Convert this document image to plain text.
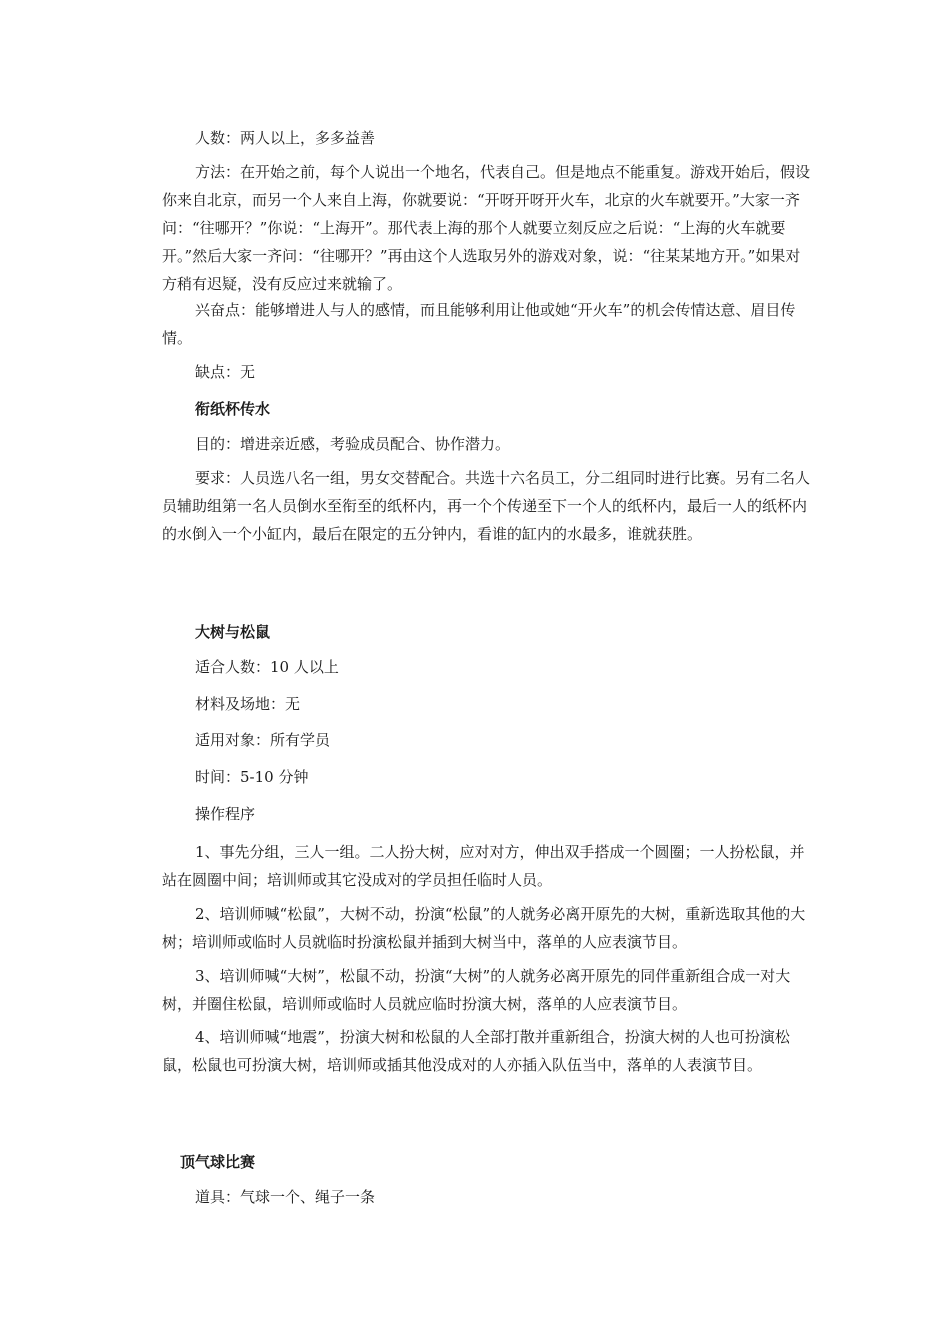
人数：两人以上，多多益善

方法：在开始之前，每个人说出一个地名，代表自己。但是地点不能重复。游戏开始后，假设你来自北京，而另一个人来自上海，你就要说：“开呀开呀开火车，北京的火车就要开。”大家一齐问：“往哪开？”你说：“上海开”。那代表上海的那个人就要立刻反应之后说：“上海的火车就要开。”然后大家一齐问：“往哪开？”再由这个人选取另外的游戏对象，说：“往某某地方开。”如果对方稍有迟疑，没有反应过来就输了。

兴奋点：能够增进人与人的感情，而且能够利用让他或她“开火车”的机会传情达意、眉目传情。

缺点：无

衔纸杯传水

目的：增进亲近感，考验成员配合、协作潜力。

要求：人员选八名一组，男女交替配合。共选十六名员工，分二组同时进行比赛。另有二名人员辅助组第一名人员倒水至衔至的纸杯内，再一个个传递至下一个人的纸杯内，最后一人的纸杯内的水倒入一个小缸内，最后在限定的五分钟内，看谁的缸内的水最多，谁就获胜。

大树与松鼠

适合人数：10 人以上

材料及场地：无

适用对象：所有学员

时间：5-10 分钟

操作程序

1、事先分组，三人一组。二人扮大树，应对对方，伸出双手搭成一个圆圈；一人扮松鼠，并站在圆圈中间；培训师或其它没成对的学员担任临时人员。

2、培训师喊“松鼠”，大树不动，扮演“松鼠”的人就务必离开原先的大树，重新选取其他的大树；培训师或临时人员就临时扮演松鼠并插到大树当中，落单的人应表演节目。

3、培训师喊“大树”，松鼠不动，扮演“大树”的人就务必离开原先的同伴重新组合成一对大树，并圈住松鼠，培训师或临时人员就应临时扮演大树，落单的人应表演节目。

4、培训师喊“地震”，扮演大树和松鼠的人全部打散并重新组合，扮演大树的人也可扮演松鼠，松鼠也可扮演大树，培训师或插其他没成对的人亦插入队伍当中，落单的人表演节目。

顶气球比赛

道具：气球一个、绳子一条
